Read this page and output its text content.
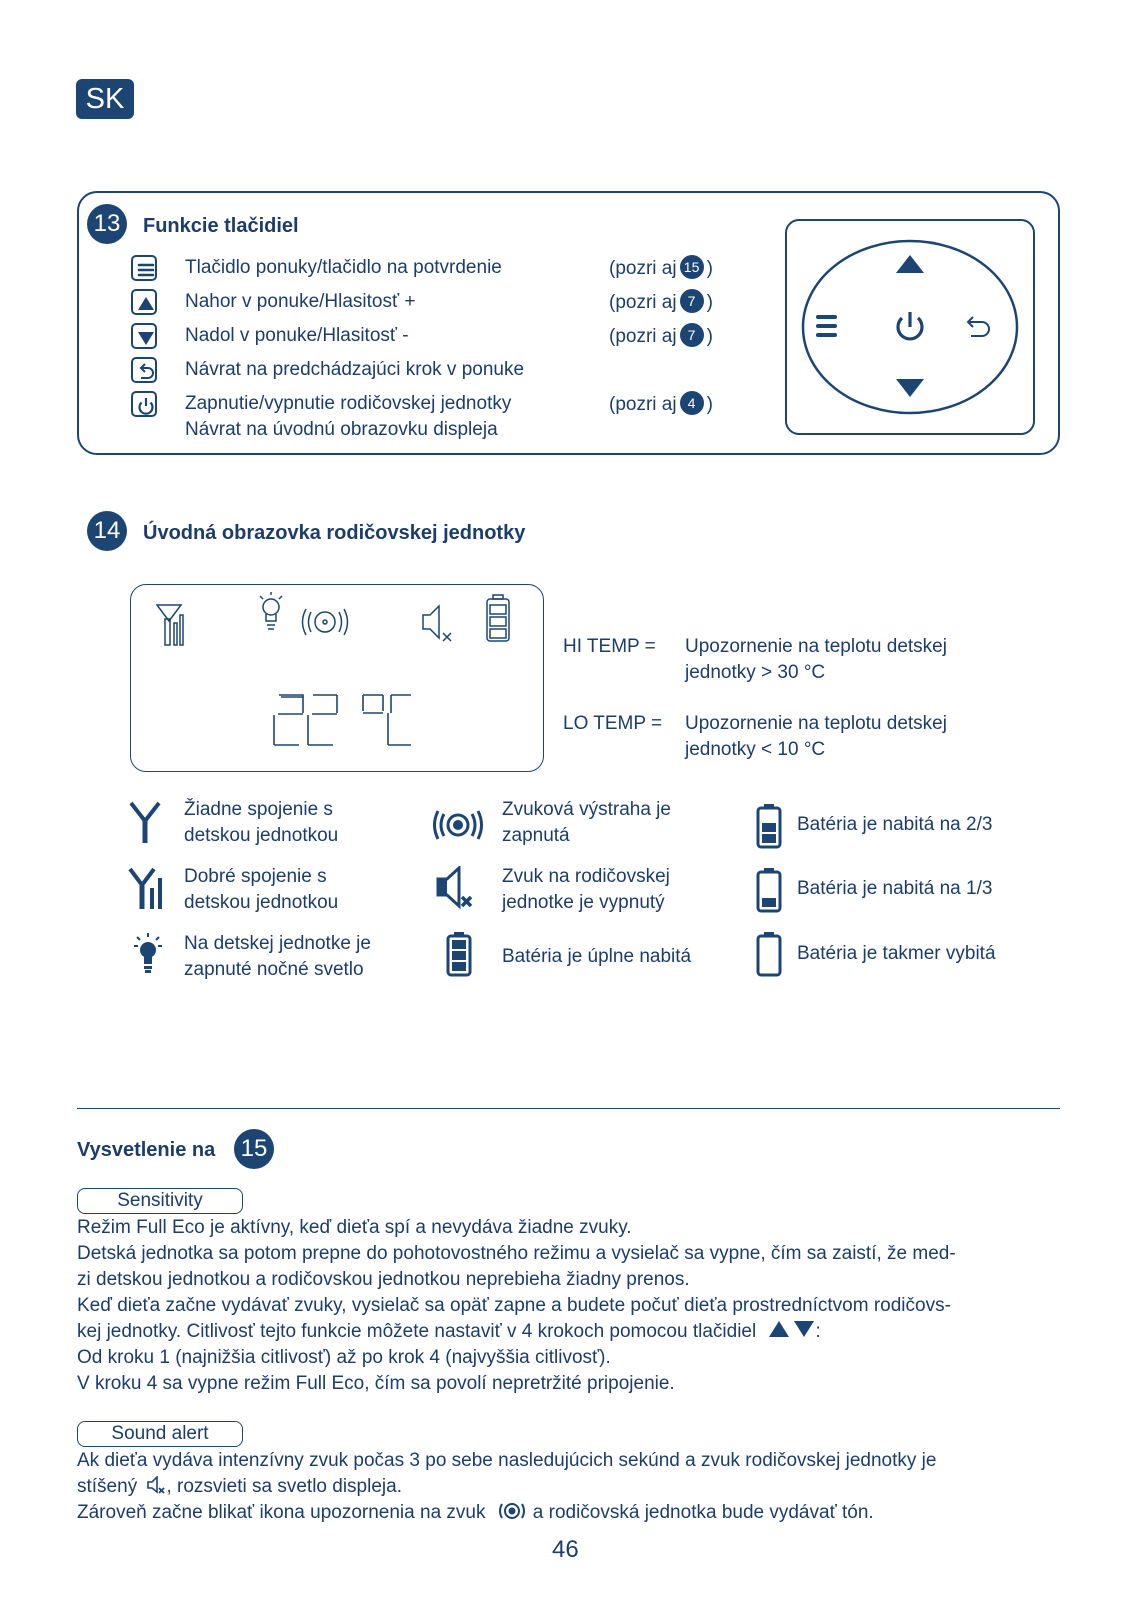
SK
13	Funkcie tlačidiel
Tlačidlo ponuky/tlačidlo na potvrdenie	(pozri aj 15 )
Nahor v ponuke/Hlasitosť +	(pozri aj 7 )
Nadol v ponuke/Hlasitosť -	(pozri aj 7 )
Návrat na predchádzajúci krok v ponuke
Zapnutie/vypnutie rodičovskej jednotky	(pozri aj 4 )
Návrat na úvodnú obrazovku displeja
14	Úvodná obrazovka rodičovskej jednotky
HI TEMP = Upozornenie na teplotu detskej
jednotky > 30 °C
LO TEMP = Upozornenie na teplotu detskej
jednotky < 10 °C
Žiadne spojenie s
detskou jednotkou
Dobré spojenie s
detskou jednotkou
Na detskej jednotke je
zapnuté nočné svetlo
Zvuková výstraha je
zapnutá
Zvuk na rodičovskej
jednotke je vypnutý
Batéria je úplne nabitá
Batéria je nabitá na 2/3
Batéria je nabitá na 1/3
Batéria je takmer vybitá
Vysvetlenie na 15
Sensitivity
Režim Full Eco je aktívny, keď dieťa spí a nevydáva žiadne zvuky.
Detská jednotka sa potom prepne do pohotovostného režimu a vysielač sa vypne, čím sa zaistí, že med-
zi detskou jednotkou a rodičovskou jednotkou neprebieha žiadny prenos.
Keď dieťa začne vydávať zvuky, vysielač sa opäť zapne a budete počuť dieťa prostredníctvom rodičovs-
kej jednotky. Citlivosť tejto funkcie môžete nastaviť v 4 krokoch pomocou tlačidiel	:
Od kroku 1 (najnižšia citlivosť) až po krok 4 (najvyššia citlivosť).
V kroku 4 sa vypne režim Full Eco, čím sa povolí nepretržité pripojenie.
Sound alert
Ak dieťa vydáva intenzívny zvuk počas 3 po sebe nasledujúcich sekúnd a zvuk rodičovskej jednotky je
stíšený , rozsvieti sa svetlo displeja.
Zároveň začne blikať ikona upozornenia na zvuk a rodičovská jednotka bude vydávať tón.
46
